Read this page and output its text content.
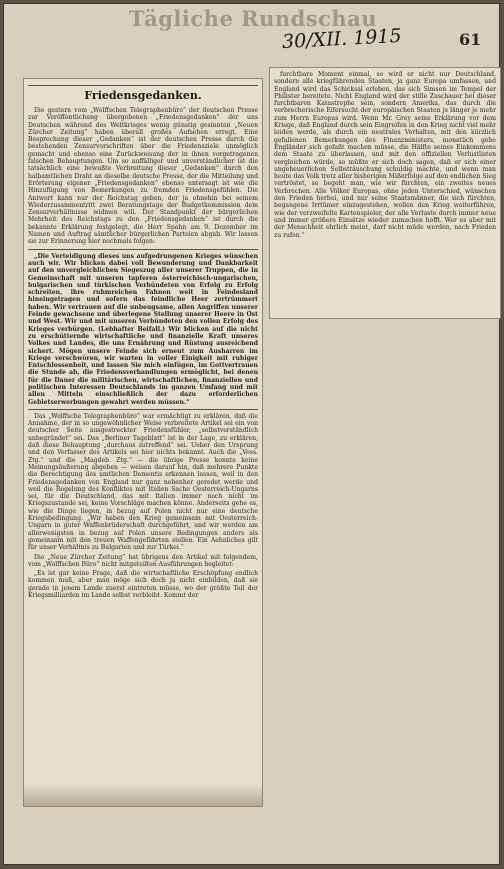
Tägliche Rundschau
30/XII. 1915	61
Friedensgedanken.

Die gestern vom „Wolffschen Telegraphenbüro“ der deutschen Presse zur Veröffentlichung übergebenen „Friedensgedanken“ der uns Deutschen während des Weltkrieges wenig günstig gesinnten „Neuen Zürcher Zeitung“ haben überall großes Aufsehen erregt. Eine Besprechung dieser „Gedanken“ ist der deutschen Presse durch die bestehenden Zensurvorschriften über die Friedensziele unmöglich gemacht und ebenso eine Zurückweisung der in ihnen vorgetragenen falschen Behauptungen. Um so auffälliger und unverständlicher ist die tatsächlich eine bewußte Verbreitung dieser „Gedanken“ durch den halbamtlichen Draht an dieselbe deutsche Presse, der die Mitteilung und Erörterung eigener „Friedensgedanken“ ebenso untersagt ist wie die Hinzufügung von Bemerkungen zu fremden Friedensgefühlen. Die Antwort kann nur der Reichstag geben, der ja ohnehin bei seinem Wiederzusammentritt zwei Beratungstage der Budgetkommission dem Zensurverhältnisse widmen will. Der Standpunkt der bürgerlichen Mehrheit des Reichstags zu den „Friedensgedanken“ ist durch die bekannte Erklärung festgelegt, die Herr Spahn am 9. Dezember im Namen und Auftrag sämtlicher bürgerlichen Parteien abgab. Wir lassen sie zur Erinnerung hier nochmals folgen:

„Die Verteidigung dieses uns aufgedrungenen Krieges wünschen auch wir. Wir blicken dabei voll Bewunderung und Dankbarkeit auf den unvergleichlichen Siegeszug aller unserer Truppen, die in Gemeinschaft mit unseren tapferen österreichisch-ungarischen, bulgarischen und türkischen Verbündeten von Erfolg zu Erfolg schreiten, ihre ruhmreichen Fahnen weit in Feindesland hineingetragen und sofern das feindliche Heer zertrümmert haben. Wir vertrauen auf die unbeugsame, allen Angriffen unserer Feinde gewachsene und überlegene Stellung unserer Heere in Ost und West. Wir und mit unseren Verbündeten den vollen Erfolg des Krieges verbürgen. (Lebhafter Beifall.) Wir blicken auf die nicht zu erschütternde wirtschaftliche und finanzielle Kraft unseres Volkes und Landes, die uns Ernährung und Rüstung ausreichend sichert. Mögen unsere Feinde sich erneut zum Ausharren im Kriege verschwören, wir warten in voller Einigkeit mit ruhiger Entschlossenheit, und lassen Sie mich einfügen, im Gottvertrauen die Stunde ab, die Friedensverhandlungen ermöglicht, bei denen für die Dauer die militärischen, wirtschaftlichen, finanziellen und politischen Interessen Deutschlands im ganzen Umfang und mit allen Mitteln einschließlich der dazu erforderlichen Gebietserwerbungen gewahrt werden müssen.“

Das „Wolffsche Telegraphenbüro“ war ermächtigt zu erklären, daß die Annahme, der in so ungewöhnlicher Weise verbreitete Artikel sei ein von deutscher Seite ausgestreckter Friedensfühler, „selbstverständlich unbegründet“ sei. Das „Berliner Tageblatt“ ist in der Lage, zu erklären, daß diese Behauptung „durchaus zutreffend“ sei. Ueber den Ursprung und den Verfasser des Artikels sei hier nichts bekannt. Auch die „Voss. Ztg.“ und die „Magdeb. Ztg.“ — die übrige Presse konnte keine Meinungsäußerung abgeben — weisen darauf hin, daß mehrere Punkte die Berechtigung des amtlichen Dementis erkennen lassen, weil in den Friedensgedanken von England nur ganz nebenher geredet werde und weil die Regelung des Konfliktes mit Italien Sache Oesterreich-Ungarns sei, für die Deutschland, das mit Italien immer noch nicht im Kriegszustande sei, keine Vorschläge machen könne. Anderseits gehe es, wie die Dinge liegen, in bezug auf Polen nicht nur eine deutsche Kriegsbedingung. „Wir haben den Krieg gemeinsam mit Oesterreich-Ungarn in guter Waffenbrüderschaft durchgeführt, und wir werden am allerwenigsten in bezug auf Polen unsere Bedingungen anders als gemeinsam mit den treuen Waffengefährten stellen. Ein Aehnliches gilt für unser Verhältnis zu Bulgarien und zur Türkei.“

Die „Neue Zürcher Zeitung“ hat übrigens den Artikel mit folgendem, vom „Wolffschen Büro“ nicht mitgeteilten Ausführungen begleitet:

„Es ist gar keine Frage, daß die wirtschaftliche Erschöpfung endlich kommen muß, aber man möge sich doch ja nicht einbilden, daß sie gerade in jenem Lande zuerst eintreten müsse, wo der größte Teil der Kriegsmilliarden im Lande selbst verbleibt. Kommt der

furchtbare Moment einmal, so wird er nicht nur Deutschland, sondern alle kriegführenden Staaten, ja ganz Europa umfassen, und England wird das Schicksal erleben, das sich Simson im Tempel der Philister bereitete. Nicht England wird der stille Zuschauer bei dieser furchtbaren Katastrophe sein, sondern Amerika, das durch die verbrecherische Eifersucht der europäischen Staaten je länger je mehr zum Herrn Europas wird. Wenn Mr. Grey seine Erklärung vor dem Kriege, daß England durch sein Eingreifen in den Krieg nicht viel mehr leiden werde, als durch ein neutrales Verhalten, mit den kürzlich gefallenen Bemerkungen des Finanzministers, monatlich gebe Engländer sich gefaßt machen müsse, die Hälfte seines Einkommens dem Staate zu überlassen, und mit den offiziellen Verlustlisten vergleichen würde, so müßte er sich doch sagen, daß er sich einer ungeheuerlichen Selbsttäuschung schuldig machte, und wenn man heute das Volk trotz aller bisherigen Mißerfolge auf den endlichen Sieg vertröstet, so begeht man, wie wir fürchten, ein zweites neues Verbrechen. Alle Völker Europas, ohne jeden Unterschied, wünschen den Frieden herbei, und nur seine Staatsmänner, die sich fürchten, begangene Irrtümer einzugestehen, wollen den Krieg weiterführen, wie der verzweifelte Kartenspieler, der alle Verluste durch immer neue und immer größere Einsätze wieder zumachen hofft. Wer es aber mit der Menschheit ehrlich meint, darf nicht müde werden, nach Frieden zu rufen.“
